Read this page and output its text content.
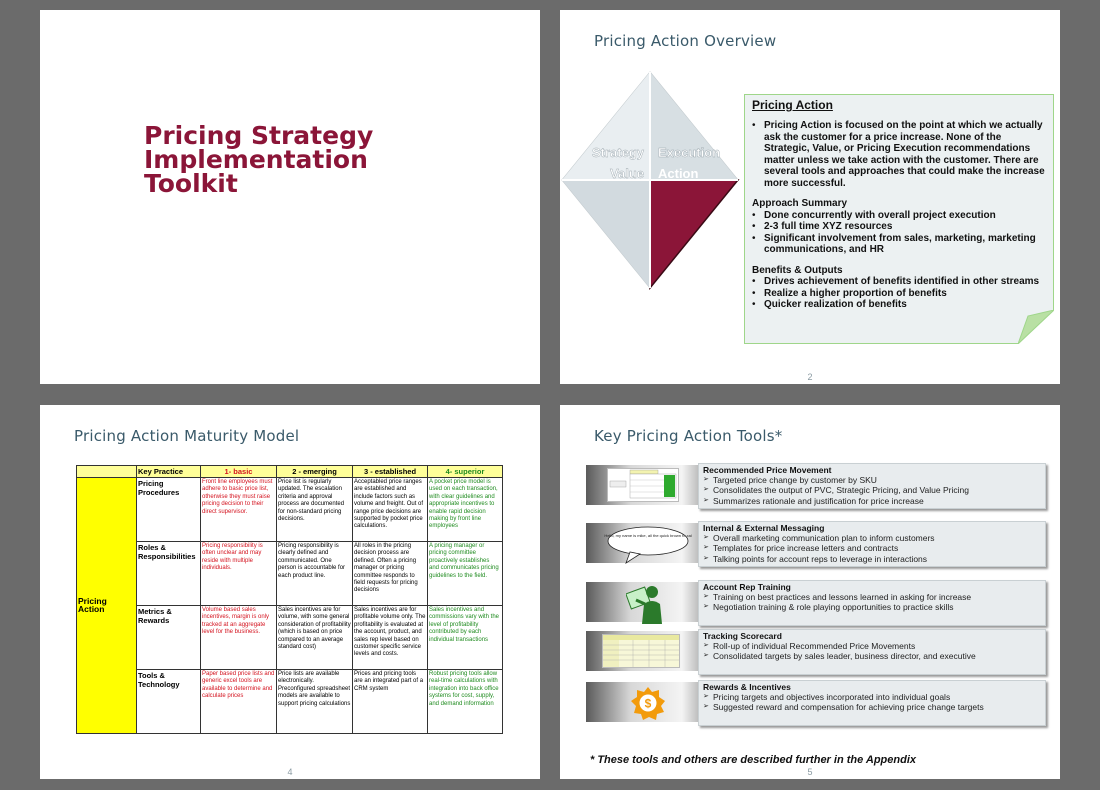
Pricing Strategy
Implementation
Toolkit
Pricing Action Overview
Strategy Execution
Value Action
Pricing Action
• Pricing Action is focused on the point at which we actually ask the customer for a price increase. None of the Strategic, Value, or Pricing Execution recommendations matter unless we take action with the customer. There are several tools and approaches that could make the increase more successful.
Approach Summary
• Done concurrently with overall project execution
• 2-3 full time XYZ resources
• Significant involvement from sales, marketing, marketing communications, and HR
Benefits & Outputs
• Drives achievement of benefits identified in other streams
• Realize a higher proportion of benefits
• Quicker realization of benefits
2
Pricing Action Maturity Model
	Key Practice	1- basic	2 - emerging	3 - established	4- superior
Pricing Action	Pricing Procedures	Front line employees must adhere to basic price list, otherwise they must raise pricing decision to their direct supervisor.	Price list is regularly updated. The escalation criteria and approval process are documented for non-standard pricing decisions.	Acceptabled price ranges are established and include factors such as volume and freight. Out of range price decisions are supported by pocket price calculations.	A pocket price model is used on each transaction, with clear guidelines and appropriate incentives to enable rapid decision making by front line employees
	Roles & Responsibilities	Pricing responsibility is often unclear and may reside with multiple individuals.	Pricing responsibility is clearly defined and communicated. One person is accountable for each product line.	All roles in the pricing decision process are defined. Often a pricing manager or pricing committee responds to field requests for pricing decisions	A pricing manager or pricing committee proactively establishes and communicates pricing guidelines to the field.
	Metrics & Rewards	Volume based sales incentives, margin is only tracked at an aggregate level for the business.	Sales incentives are for volume, with some general consideration of profitability (which is based on price compared to an average standard cost)	Sales incentives are for profitable volume only. The profitability is evaluated at the account, product, and sales rep level based on customer specific service levels and costs.	Sales incentives and commissions vary with the level of profitability contributed by each individual transactions
	Tools & Technology	Paper based price lists and generic excel tools are available to determine and calculate prices	Price lists are available electronically. Preconfigured spreadsheet models are available to support pricing calculations	Prices and pricing tools are an integrated part of a CRM system	Robust pricing tools allow real-time calculations with integration into back office systems for cost, supply, and demand information
4
Key Pricing Action Tools*
Recommended Price Movement
➢ Targeted price change by customer by SKU
➢ Consolidates the output of PVC, Strategic Pricing, and Value Pricing
➢ Summarizes rationale and justification for price increase
Hello, my name is mike, all the quick brown fo xal
Internal & External Messaging
➢ Overall marketing communication plan to inform customers
➢ Templates for price increase letters and contracts
➢ Talking points for account reps to leverage in interactions
Account Rep Training
➢ Training on best practices and lessons learned in asking for increase
➢ Negotiation training & role playing opportunities to practice skills
Tracking Scorecard
➢ Roll-up of individual Recommended Price Movements
➢ Consolidated targets by sales leader, business director, and executive
$
Rewards & Incentives
➢ Pricing targets and objectives incorporated into individual goals
➢ Suggested reward and compensation for achieving price change targets
* These tools and others are described further in the Appendix
5
